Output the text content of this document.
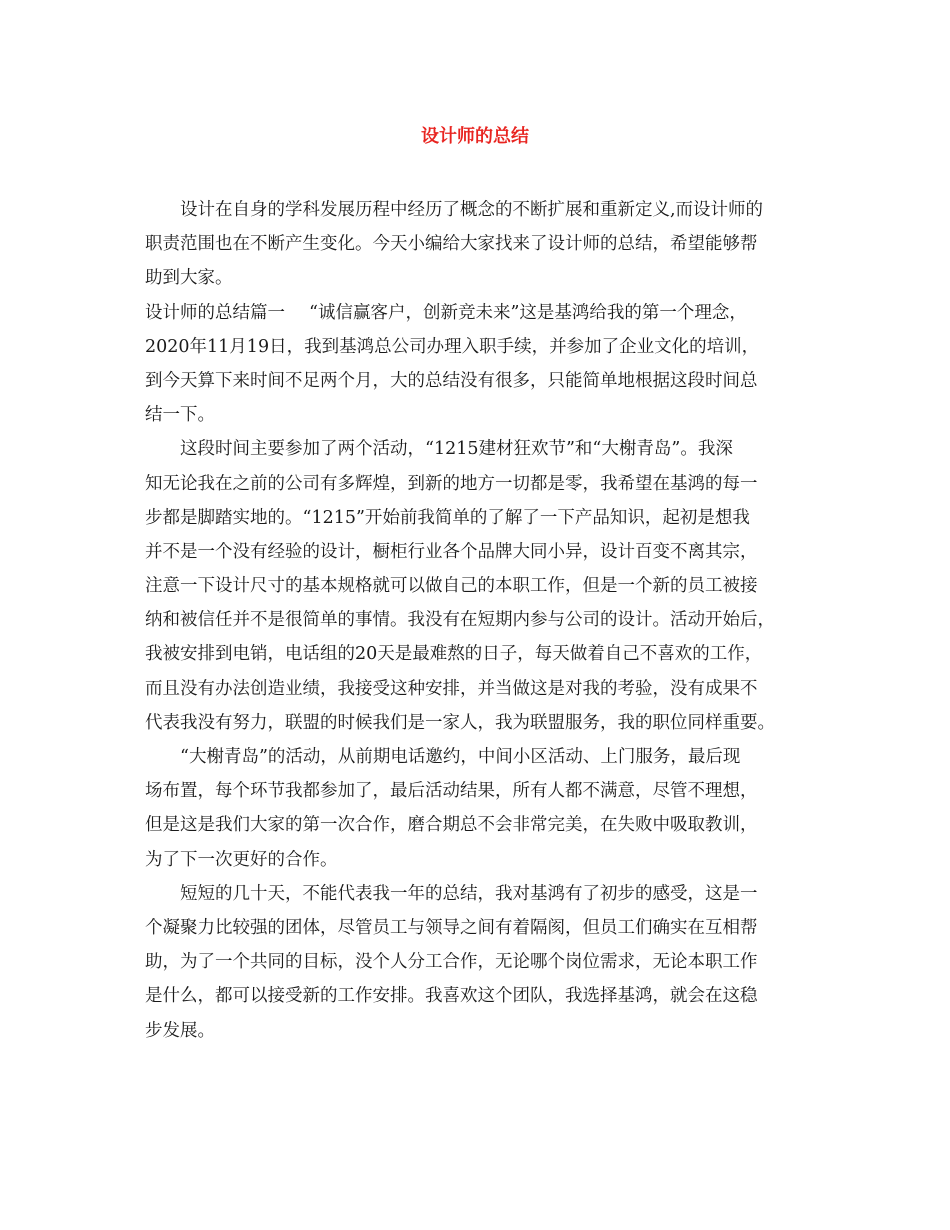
设计师的总结

设计在自身的学科发展历程中经历了概念的不断扩展和重新定义,而设计师的

职责范围也在不断产生变化。今天小编给大家找来了设计师的总结，希望能够帮

助到大家。

设计师的总结篇一 “诚信赢客户，创新竞未来”这是基鸿给我的第一个理念，

2020年11月19日，我到基鸿总公司办理入职手续，并参加了企业文化的培训，

到今天算下来时间不足两个月，大的总结没有很多，只能简单地根据这段时间总

结一下。

这段时间主要参加了两个活动，“1215建材狂欢节”和“大榭青岛”。我深

知无论我在之前的公司有多辉煌，到新的地方一切都是零，我希望在基鸿的每一

步都是脚踏实地的。“1215”开始前我简单的了解了一下产品知识，起初是想我

并不是一个没有经验的设计，橱柜行业各个品牌大同小异，设计百变不离其宗，

注意一下设计尺寸的基本规格就可以做自己的本职工作，但是一个新的员工被接

纳和被信任并不是很简单的事情。我没有在短期内参与公司的设计。活动开始后，

我被安排到电销，电话组的20天是最难熬的日子，每天做着自己不喜欢的工作，

而且没有办法创造业绩，我接受这种安排，并当做这是对我的考验，没有成果不

代表我没有努力，联盟的时候我们是一家人，我为联盟服务，我的职位同样重要。

“大榭青岛”的活动，从前期电话邀约，中间小区活动、上门服务，最后现

场布置，每个环节我都参加了，最后活动结果，所有人都不满意，尽管不理想，

但是这是我们大家的第一次合作，磨合期总不会非常完美，在失败中吸取教训，

为了下一次更好的合作。

短短的几十天，不能代表我一年的总结，我对基鸿有了初步的感受，这是一

个凝聚力比较强的团体，尽管员工与领导之间有着隔阂，但员工们确实在互相帮

助，为了一个共同的目标，没个人分工合作，无论哪个岗位需求，无论本职工作

是什么，都可以接受新的工作安排。我喜欢这个团队，我选择基鸿，就会在这稳

步发展。
